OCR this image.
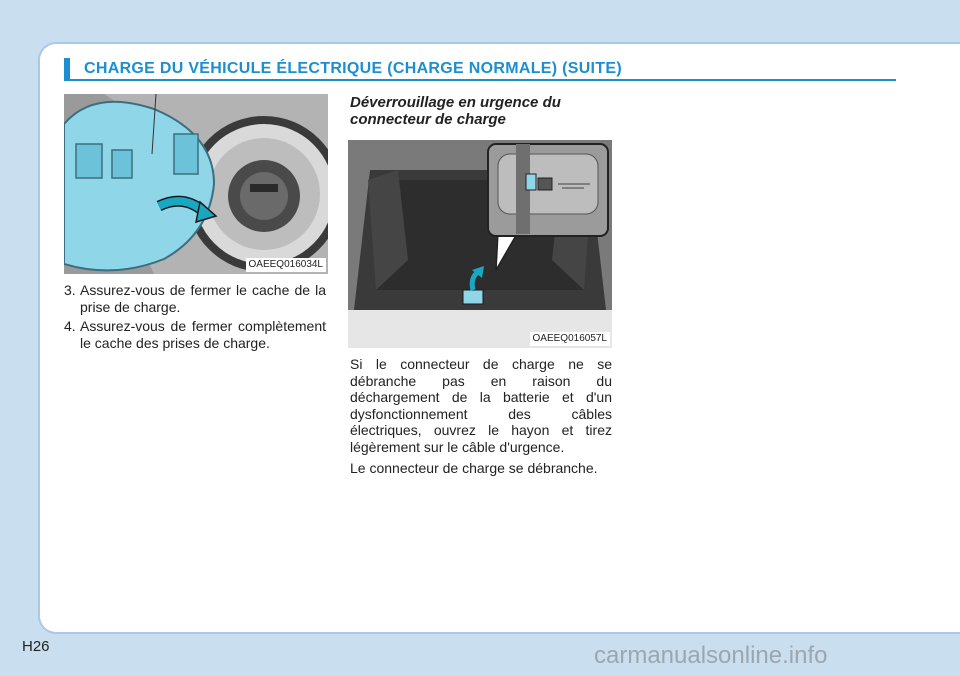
CHARGE DU VÉHICULE ÉLECTRIQUE (CHARGE NORMALE) (SUITE)
OAEEQ016034L
3. Assurez-vous de fermer le cache de la prise de charge.
4. Assurez-vous de fermer complètement le cache des prises de charge.
Déverrouillage en urgence du connecteur de charge
OAEEQ016057L

Si le connecteur de charge ne se débranche pas en raison du déchargement de la batterie et d'un dysfonctionnement des câbles électriques, ouvrez le hayon et tirez légèrement sur le câble d'urgence.

Le connecteur de charge se débranche.

H26	carmanualsonline.info
